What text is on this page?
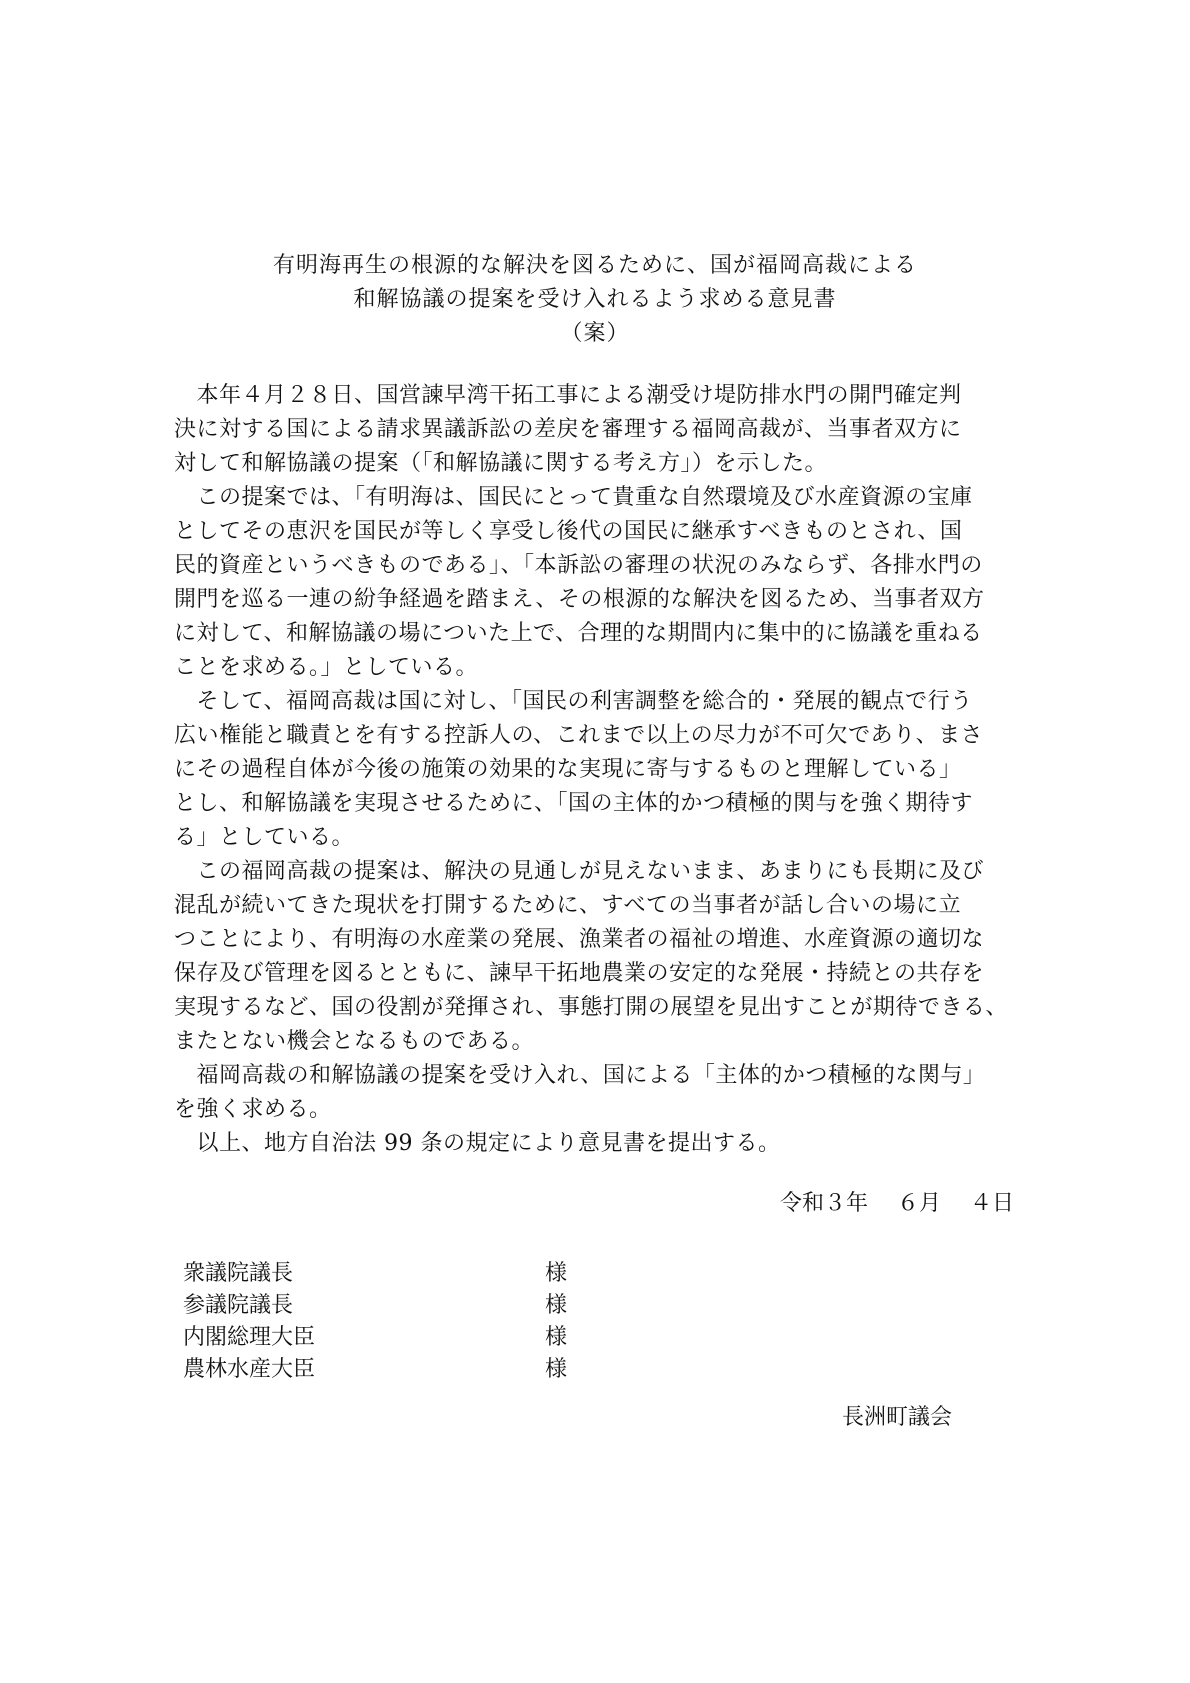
有明海再生の根源的な解決を図るために、国が福岡高裁による
和解協議の提案を受け入れるよう求める意見書
（案）
　本年４月２８日、国営諫早湾干拓工事による潮受け堤防排水門の開門確定判
決に対する国による請求異議訴訟の差戻を審理する福岡高裁が、当事者双方に
対して和解協議の提案（「和解協議に関する考え方」）を示した。
　この提案では、「有明海は、国民にとって貴重な自然環境及び水産資源の宝庫
としてその恵沢を国民が等しく享受し後代の国民に継承すべきものとされ、国
民的資産というべきものである」、「本訴訟の審理の状況のみならず、各排水門の
開門を巡る一連の紛争経過を踏まえ、その根源的な解決を図るため、当事者双方
に対して、和解協議の場についた上で、合理的な期間内に集中的に協議を重ねる
ことを求める。」としている。
　そして、福岡高裁は国に対し、「国民の利害調整を総合的・発展的観点で行う
広い権能と職責とを有する控訴人の、これまで以上の尽力が不可欠であり、まさ
にその過程自体が今後の施策の効果的な実現に寄与するものと理解している」
とし、和解協議を実現させるために、「国の主体的かつ積極的関与を強く期待す
る」としている。
　この福岡高裁の提案は、解決の見通しが見えないまま、あまりにも長期に及び
混乱が続いてきた現状を打開するために、すべての当事者が話し合いの場に立
つことにより、有明海の水産業の発展、漁業者の福祉の増進、水産資源の適切な
保存及び管理を図るとともに、諫早干拓地農業の安定的な発展・持続との共存を
実現するなど、国の役割が発揮され、事態打開の展望を見出すことが期待できる、
またとない機会となるものである。
　福岡高裁の和解協議の提案を受け入れ、国による「主体的かつ積極的な関与」
を強く求める。
　以上、地方自治法 99 条の規定により意見書を提出する。
令和３年　 ６月　 ４日
衆議院議長	様
参議院議長	様
内閣総理大臣	様
農林水産大臣	様
長洲町議会
